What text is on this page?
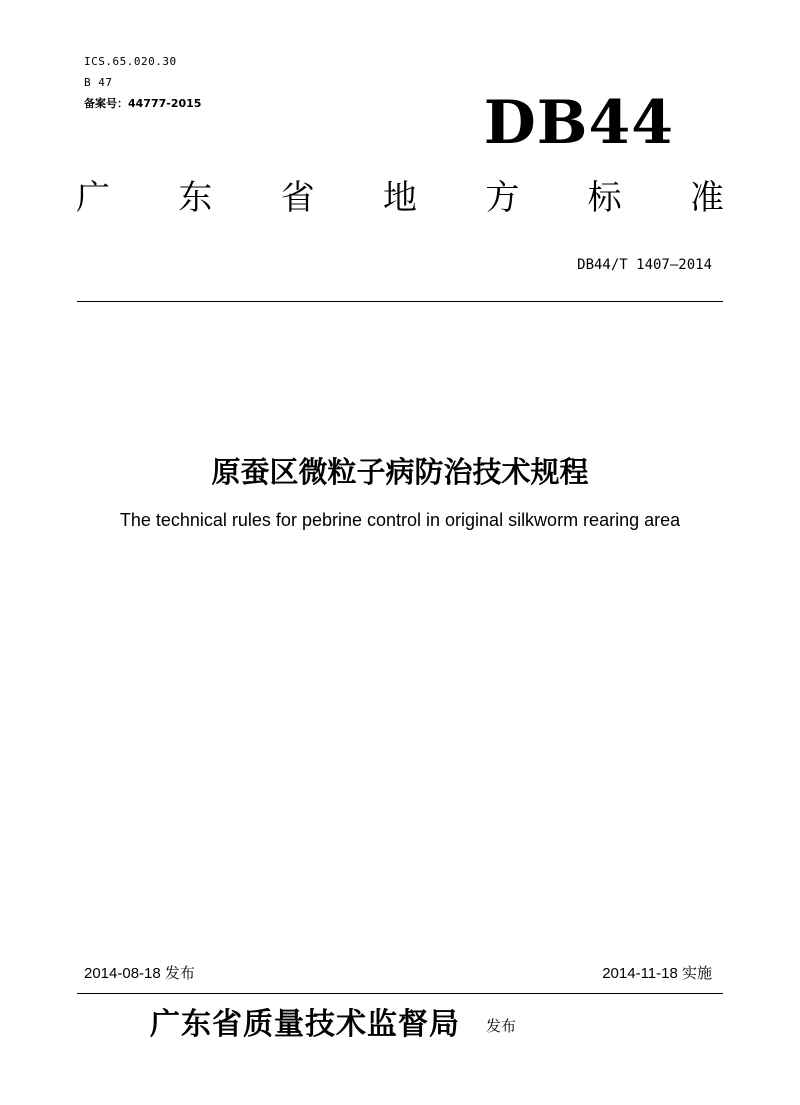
ICS.65.020.30
B 47
备案号：44777-2015	DB44
广 东 省 地 方 标 准
DB44/T 1407—2014
原蚕区微粒子病防治技术规程
The technical rules for pebrine control in original silkworm rearing area
2014-08-18 发布	2014-11-18 实施
广东省质量技术监督局 发布
